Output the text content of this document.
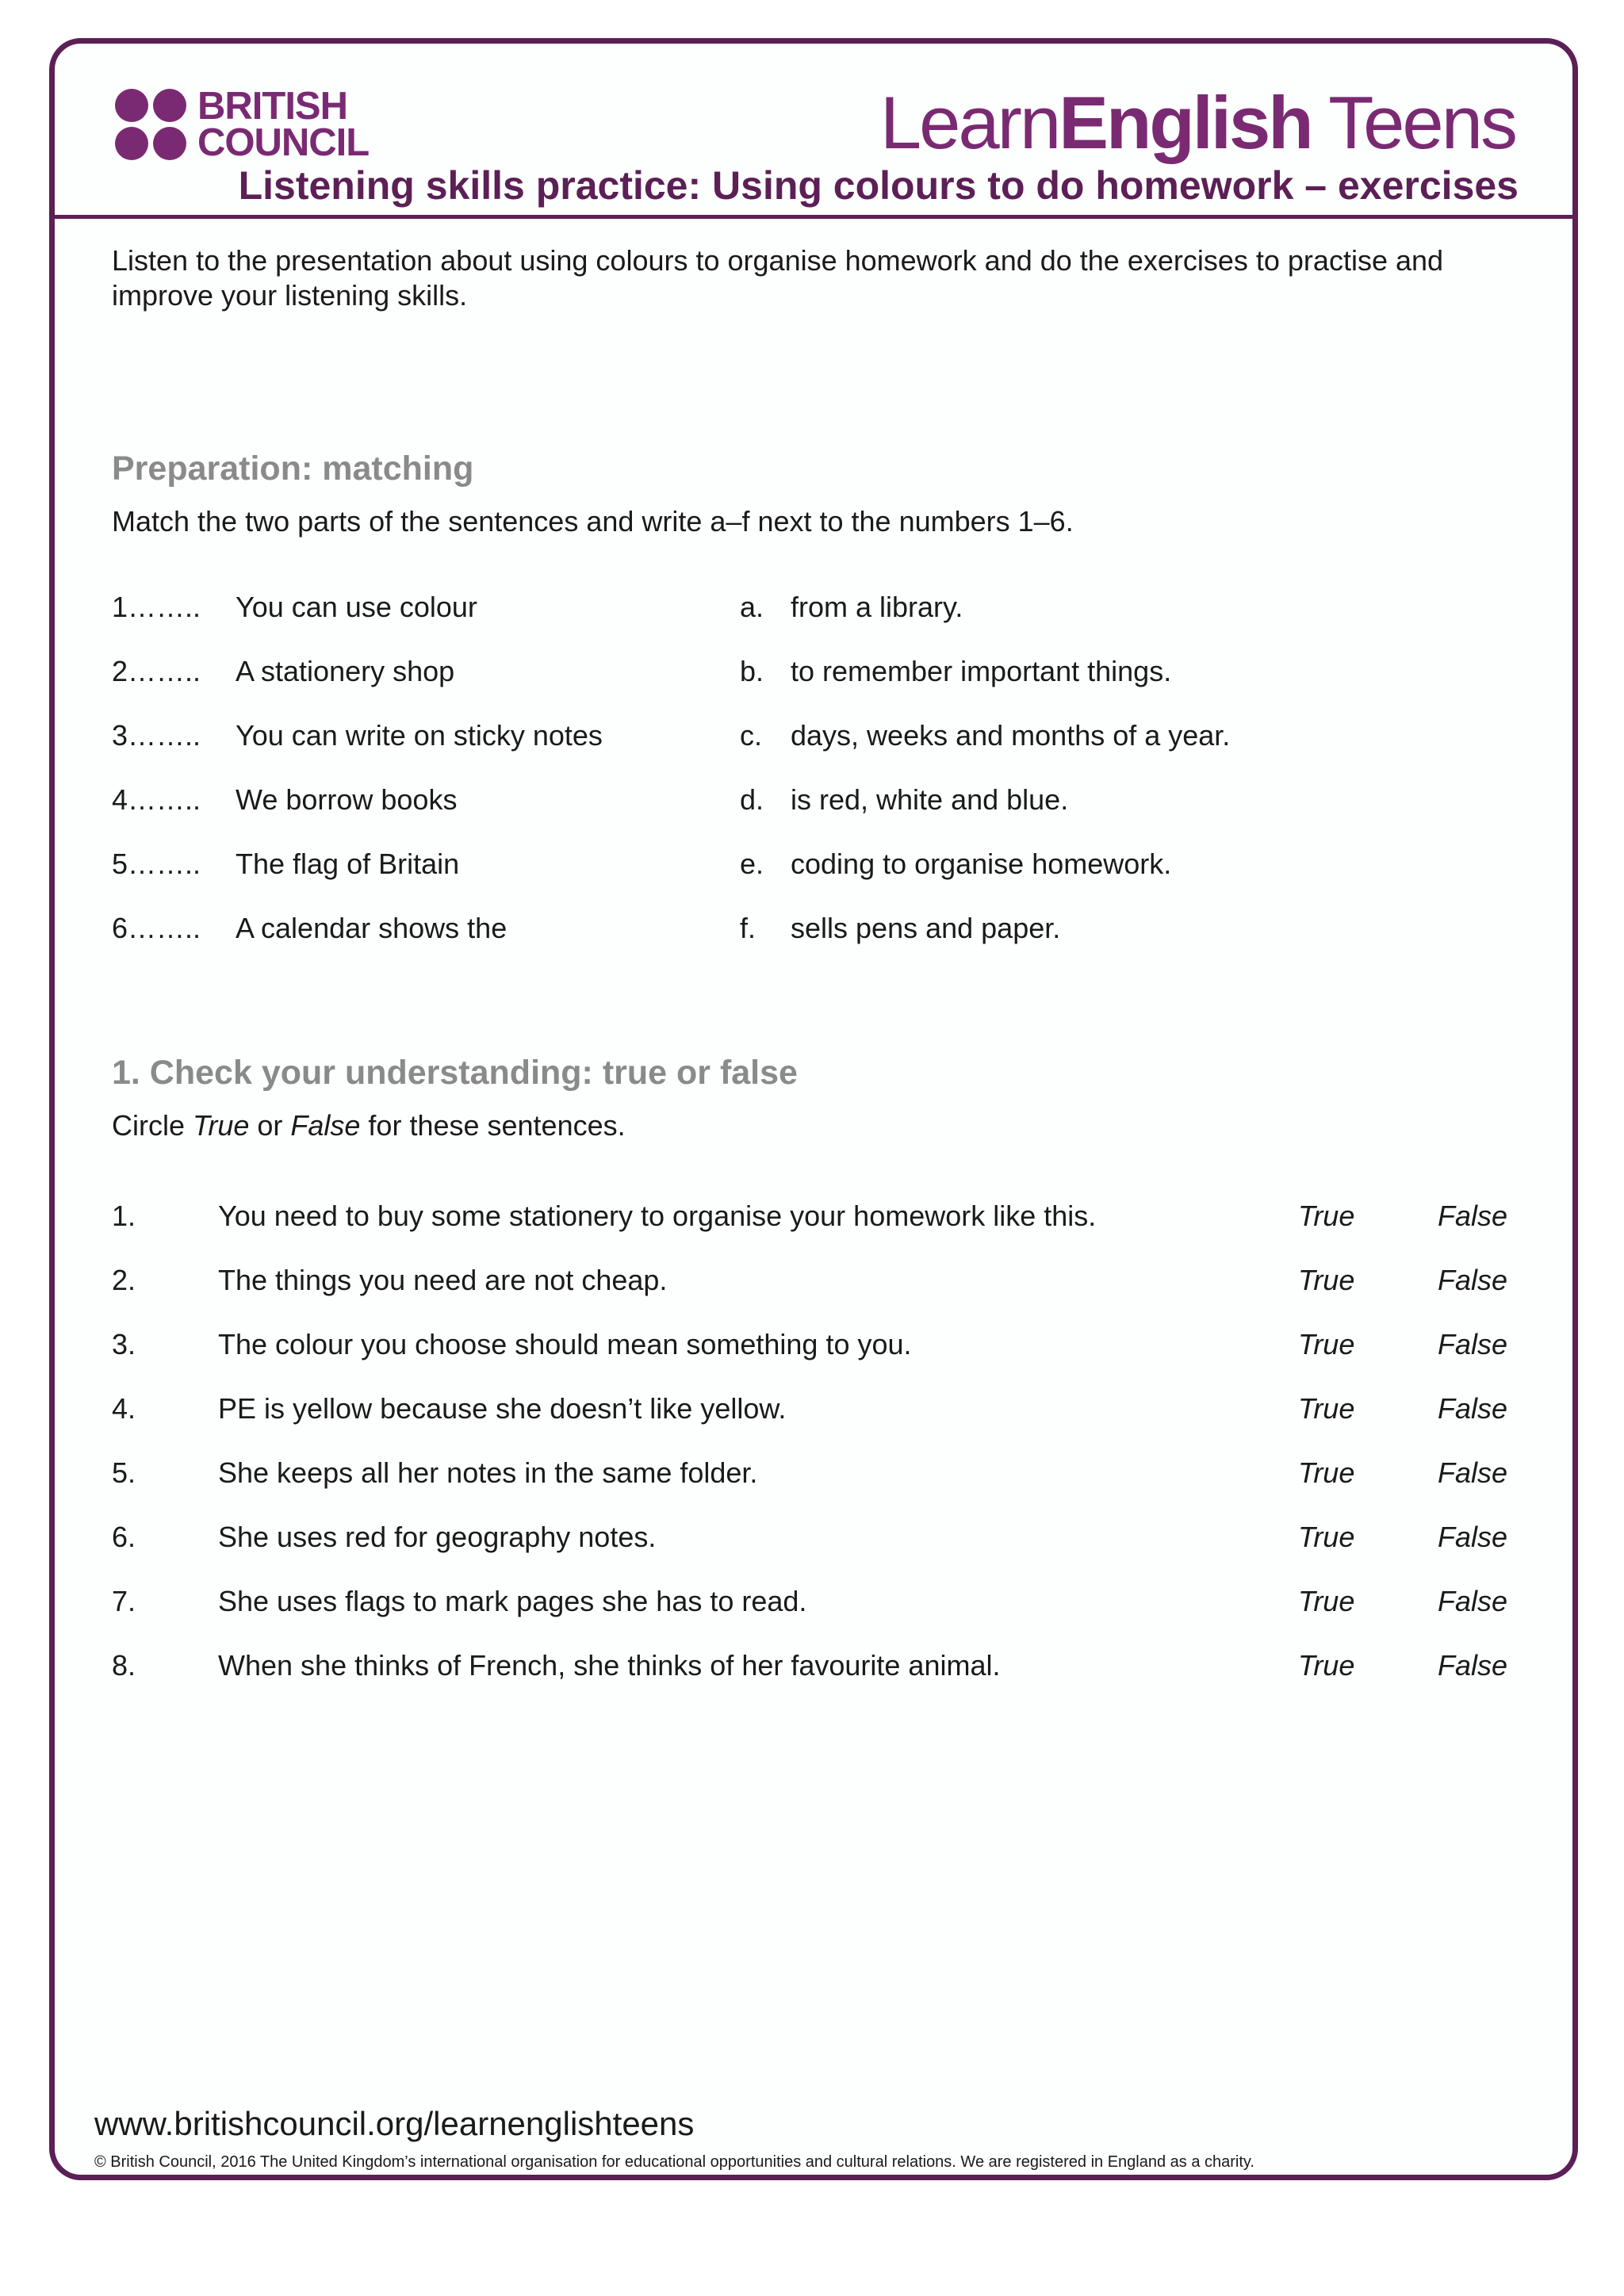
BRITISH
COUNCIL	LearnEnglish Teens
Listening skills practice: Using colours to do homework – exercises
Listen to the presentation about using colours to organise homework and do the exercises to practise and improve your listening skills.
Preparation: matching
Match the two parts of the sentences and write a–f next to the numbers 1–6.
1…….. You can use colour	a. from a library.
2…….. A stationery shop	b. to remember important things.
3…….. You can write on sticky notes	c. days, weeks and months of a year.
4…….. We borrow books	d. is red, white and blue.
5…….. The flag of Britain	e. coding to organise homework.
6…….. A calendar shows the	f. sells pens and paper.
1. Check your understanding: true or false
Circle True or False for these sentences.
1.	You need to buy some stationery to organise your homework like this.	True	False
2.	The things you need are not cheap.	True	False
3.	The colour you choose should mean something to you.	True	False
4.	PE is yellow because she doesn’t like yellow.	True	False
5.	She keeps all her notes in the same folder.	True	False
6.	She uses red for geography notes.	True	False
7.	She uses flags to mark pages she has to read.	True	False
8.	When she thinks of French, she thinks of her favourite animal.	True	False
www.britishcouncil.org/learnenglishteens
© British Council, 2016 The United Kingdom’s international organisation for educational opportunities and cultural relations. We are registered in England as a charity.
